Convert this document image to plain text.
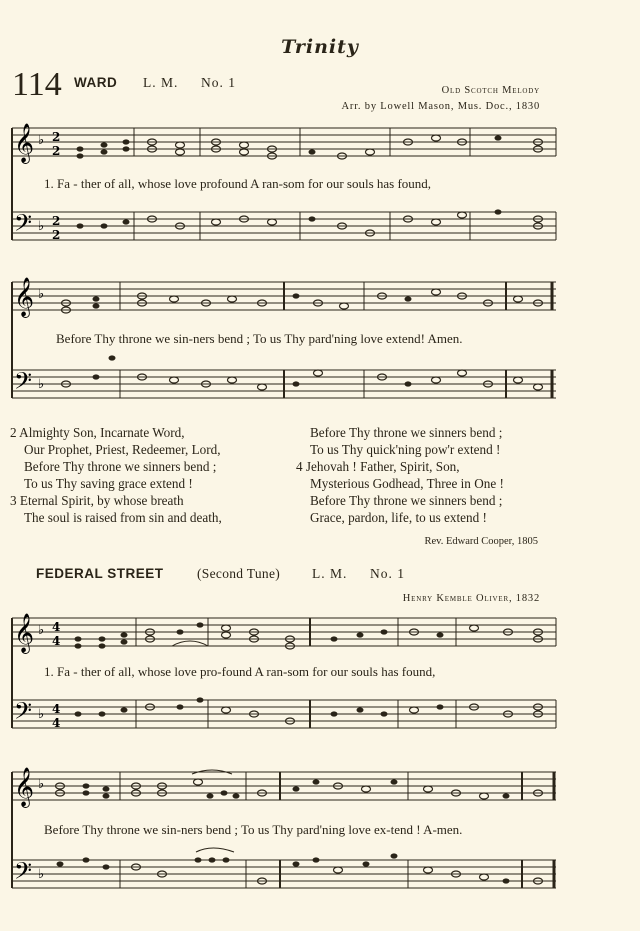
Trinity
114 WARD L. M. No. 1
Old Scotch Melody
Arr. by Lowell Mason, Mus. Doc., 1830
𝄞
𝄢
♭
♭
2
2
2
2
1. Fa - ther of all, whose love profound A ran-som for our souls has found,
𝄞
𝄢
♭
♭
Before Thy throne we sin-ners bend ; To us Thy pard'ning love extend! Amen.
2 Almighty Son, Incarnate Word,
Our Prophet, Priest, Redeemer, Lord,
Before Thy throne we sinners bend ;
To us Thy saving grace extend !
3 Eternal Spirit, by whose breath
The soul is raised from sin and death,
Before Thy throne we sinners bend ;
To us Thy quick'ning pow'r extend !
4 Jehovah ! Father, Spirit, Son,
Mysterious Godhead, Three in One !
Before Thy throne we sinners bend ;
Grace, pardon, life, to us extend !
Rev. Edward Cooper, 1805
FEDERAL STREET (Second Tune) L. M. No. 1
Henry Kemble Oliver, 1832
𝄞
𝄢
♭
♭
4
4
4
4
1. Fa - ther of all, whose love pro-found A ran-som for our souls has found,
𝄞
𝄢
♭
♭
Before Thy throne we sin-ners bend ; To us Thy pard'ning love ex-tend ! A-men.
